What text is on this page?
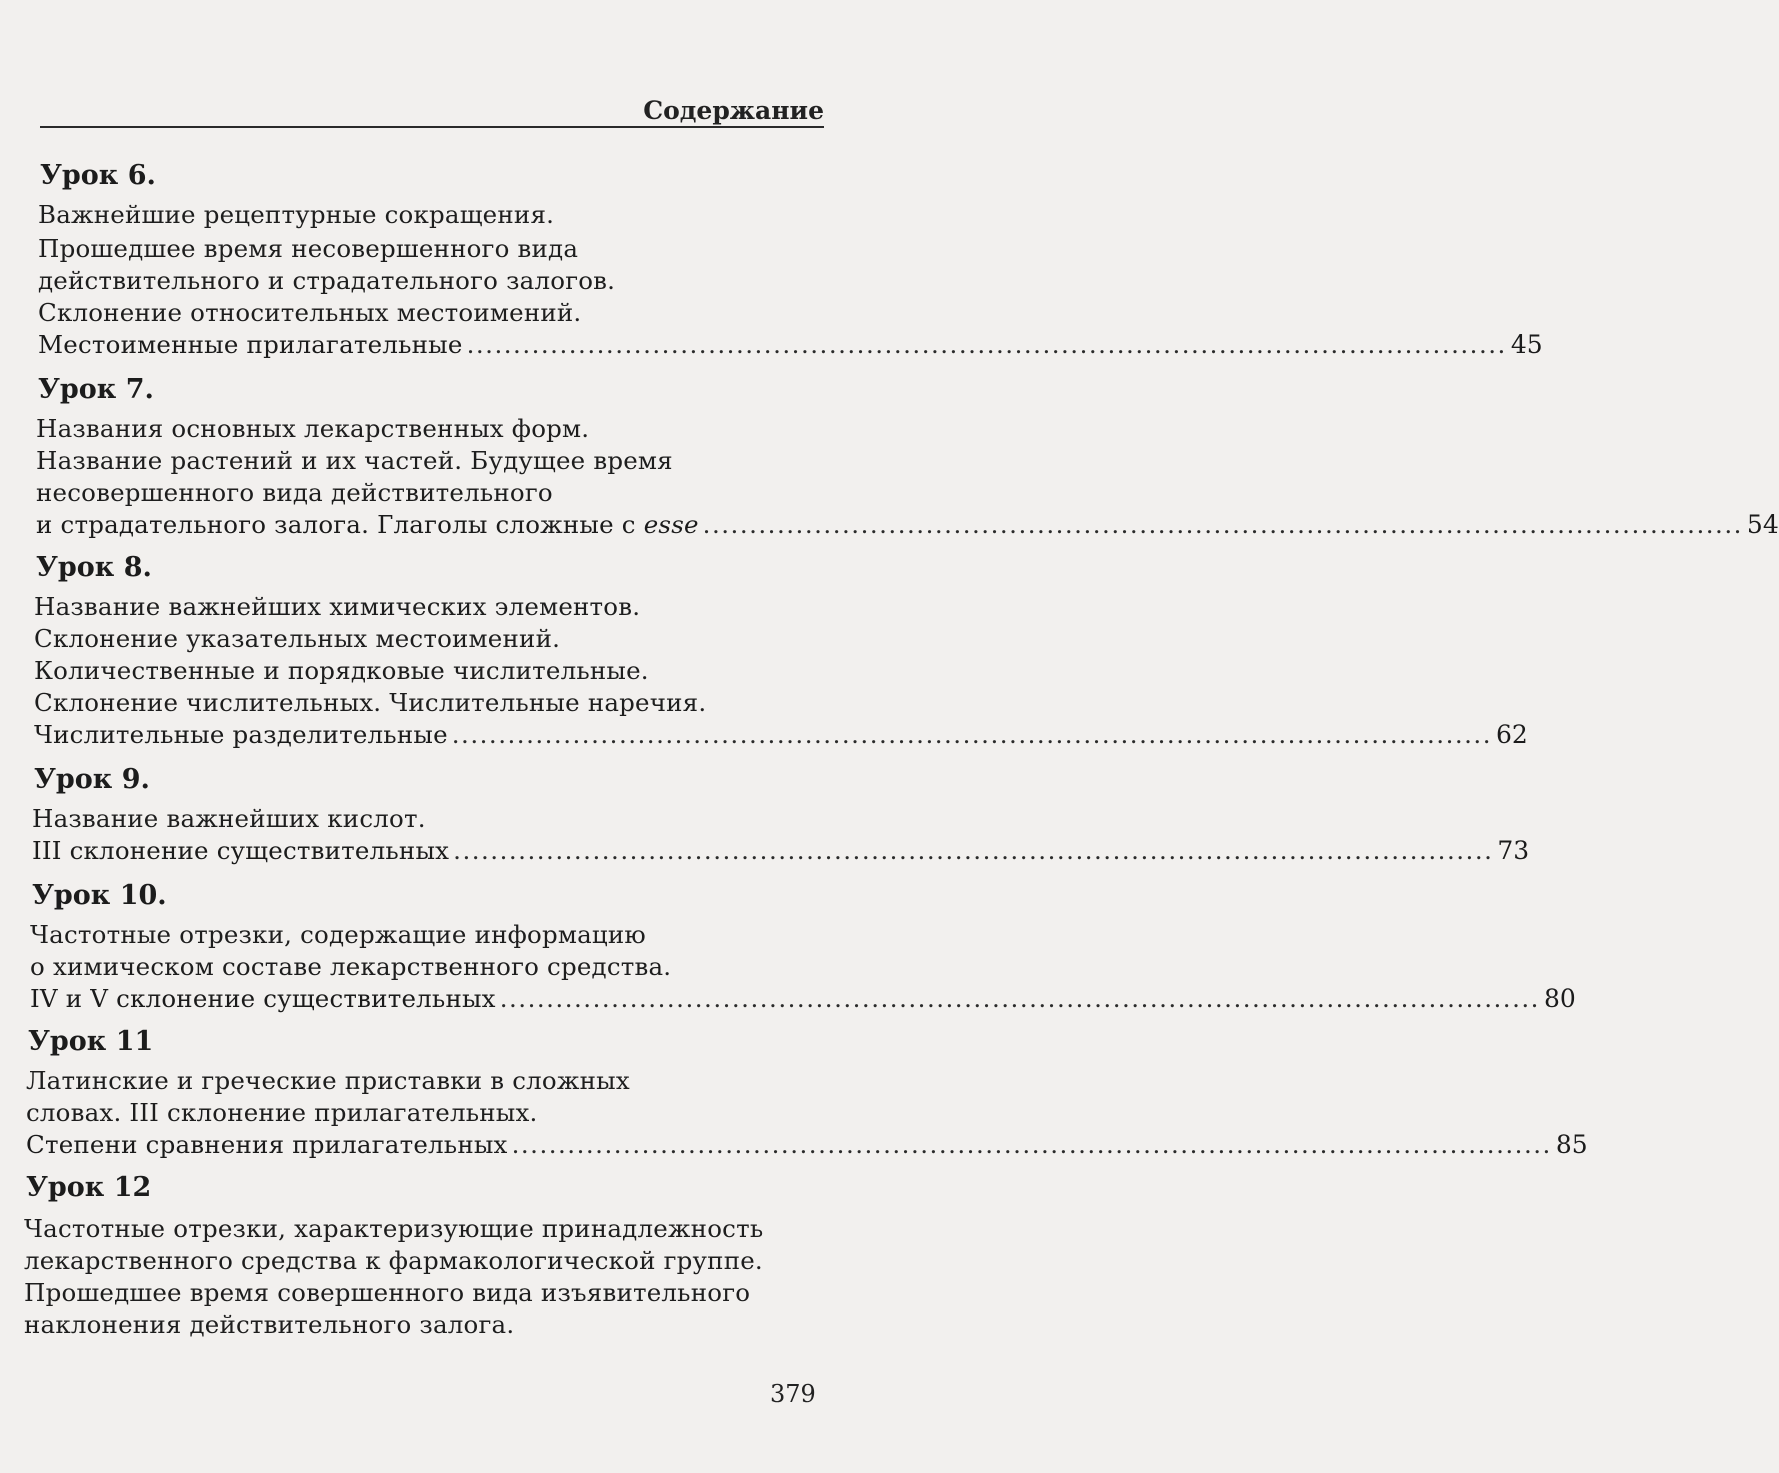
Содержание
Урок 6.
Важнейшие рецептурные сокращения.
Прошедшее время несовершенного вида
действительного и страдательного залогов.
Склонение относительных местоимений.
Местоименные прилагательные ................................................................................................................ 45
Урок 7.
Названия основных лекарственных форм.
Название растений и их частей. Будущее время
несовершенного вида действительного
и страдательного залога. Глаголы сложные с esse ................................................................................................................ 54
Урок 8.
Название важнейших химических элементов.
Склонение указательных местоимений.
Количественные и порядковые числительные.
Склонение числительных. Числительные наречия.
Числительные разделительные ................................................................................................................ 62
Урок 9.
Название важнейших кислот.
III склонение существительных ................................................................................................................ 73
Урок 10.
Частотные отрезки, содержащие информацию
о химическом составе лекарственного средства.
IV и V склонение существительных ................................................................................................................ 80
Урок 11
Латинские и греческие приставки в сложных
словах. III склонение прилагательных.
Степени сравнения прилагательных ................................................................................................................ 85
Урок 12
Частотные отрезки, характеризующие принадлежность
лекарственного средства к фармакологической группе.
Прошедшее время совершенного вида изъявительного
наклонения действительного залога.
379
